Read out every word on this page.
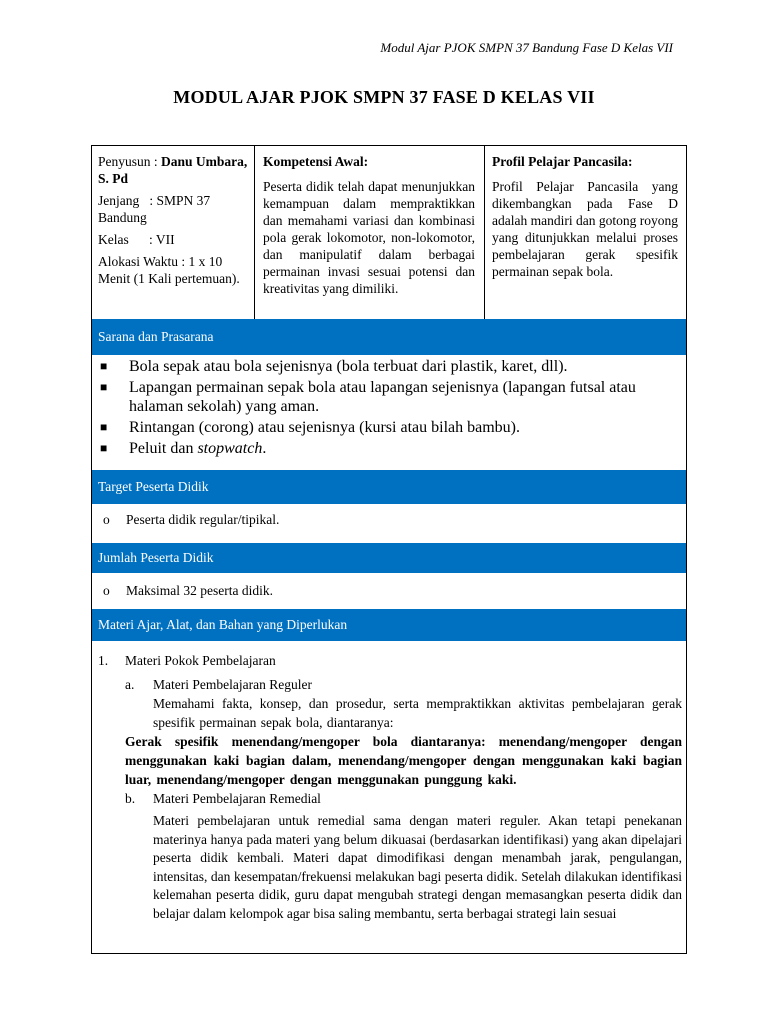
Modul Ajar PJOK SMPN 37 Bandung Fase D Kelas VII
MODUL AJAR PJOK SMPN 37 FASE D KELAS VII

Penyusun : Danu Umbara, S. Pd

Jenjang   : SMPN 37 Bandung

Kelas      : VII

Alokasi Waktu : 1 x 10 Menit (1 Kali pertemuan).

Kompetensi Awal:

Peserta didik telah dapat menunjukkan kemampuan dalam mempraktikkan dan memahami variasi dan kombinasi pola gerak lokomotor, non-lokomotor, dan manipulatif dalam berbagai permainan invasi sesuai potensi dan kreativitas yang dimiliki.

Profil Pelajar Pancasila:

Profil Pelajar Pancasila yang dikembangkan pada Fase D adalah mandiri dan gotong royong yang ditunjukkan melalui proses pembelajaran gerak spesifik permainan sepak bola.

Sarana dan Prasarana
■ Bola sepak atau bola sejenisnya (bola terbuat dari plastik, karet, dll).
■ Lapangan permainan sepak bola atau lapangan sejenisnya (lapangan futsal atau halaman sekolah) yang aman.
■ Rintangan (corong) atau sejenisnya (kursi atau bilah bambu).
■ Peluit dan stopwatch.
Target Peserta Didik
o Peserta didik regular/tipikal.
Jumlah Peserta Didik
o Maksimal 32 peserta didik.
Materi Ajar, Alat, dan Bahan yang Diperlukan
1. Materi Pokok Pembelajaran
a. Materi Pembelajaran Reguler
Memahami fakta, konsep, dan prosedur, serta mempraktikkan aktivitas pembelajaran gerak spesifik permainan sepak bola, diantaranya:
Gerak spesifik menendang/mengoper bola diantaranya: menendang/mengoper dengan menggunakan kaki bagian dalam, menendang/mengoper dengan menggunakan kaki bagian luar, menendang/mengoper dengan menggunakan punggung kaki.
b. Materi Pembelajaran Remedial
Materi pembelajaran untuk remedial sama dengan materi reguler. Akan tetapi penekanan materinya hanya pada materi yang belum dikuasai (berdasarkan identifikasi) yang akan dipelajari peserta didik kembali. Materi dapat dimodifikasi dengan menambah jarak, pengulangan, intensitas, dan kesempatan/frekuensi melakukan bagi peserta didik. Setelah dilakukan identifikasi kelemahan peserta didik, guru dapat mengubah strategi dengan memasangkan peserta didik dan belajar dalam kelompok agar bisa saling membantu, serta berbagai strategi lain sesuai
